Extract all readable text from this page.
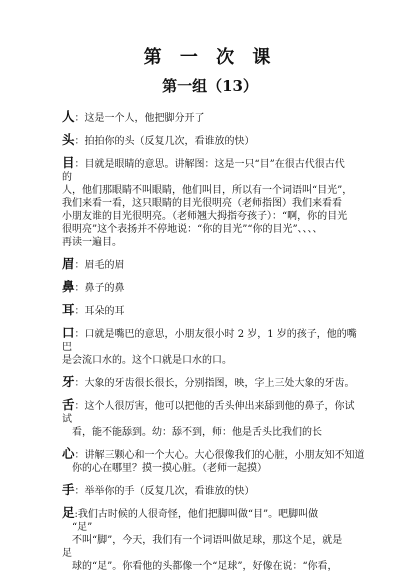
第 一 次 课
第一组（13）
人：这是一个人，他把脚分开了
头：拍拍你的头（反复几次，看谁放的快）
目：目就是眼睛的意思。讲解图：这是一只“目”在很古代很古代
的
人，他们那眼睛不叫眼睛，他们叫目，所以有一个词语叫“目光”，
我们来看一看，这只眼睛的目光很明亮（老师指图）我们来看看
小朋友谁的目光很明亮。（老师翘大拇指夸孩子）：“啊，你的目光
很明亮”这个表扬并不停地说：“你的目光”“你的目光”、、、、
再读一遍目。
眉：眉毛的眉
鼻：鼻子的鼻
耳：耳朵的耳
口：口就是嘴巴的意思，小朋友很小时 2 岁，1 岁的孩子，他的嘴
巴
是会流口水的。这个口就是口水的口。
牙：大象的牙齿很长很长，分别指图，映，字上三处大象的牙齿。
舌：这个人很厉害，他可以把他的舌头伸出来舔到他的鼻子，你试
试
看，能不能舔到。幼：舔不到，师：他是舌头比我们的长
心：讲解三颗心和一个大心。大心很像我们的心脏，小朋友知不知道
你的心在哪里？摸一摸心脏。（老师一起摸）
手：举举你的手（反复几次，看谁放的快）
足:我们古时候的人很奇怪，他们把脚叫做“目”。吧脚叫做
“足”
不叫“脚”，今天，我们有一个词语叫做足球，那这个足，就是
足
球的“足”。你看他的头都像一个“足球”，好像在说：“你看，
